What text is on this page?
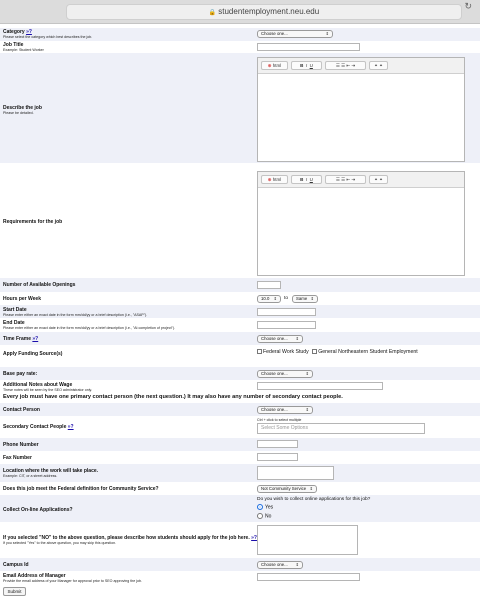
🔒 studentemployment.neu.edu
↻
Category »?
Please select the category which best describes the job.
Choose one...	⇕
Job Title
Example: Student Worker
Describe the job
Please be detailed.
⊕ html	B I U	☰ ☰ ⇤ ⇥	⚭ ⚭
Requirements for the job
⊕ html	B I U	☰ ☰ ⇤ ⇥	⚭ ⚭
Number of Available Openings
Hours per Week	10.0 ⇕ to	Same ⇕
Start Date
Please enter either an exact date in the form mm/dd/yy or a brief description (i.e., "ASAP").
End Date
Please enter either an exact date in the form mm/dd/yy or a brief description (i.e., "At completion of project").
Time Frame »?	Choose one... ⇕
Apply Funding Source(s)	Federal Work Study General Northeastern Student Employment
Base pay rate:	Choose one...	⇕
Additional Notes about Wage
These notes will be seen by the SEO administrator only.
Every job must have one primary contact person (the next question.) It may also have any number of secondary contact people.
Contact Person	Choose one...	⇕
Secondary Contact People »?
Ctrl + click to select multiple
Select Some Options
Phone Number
Fax Number
Location where the work will take place.
Example: CIT, or a street address.
Does this job meet the Federal definition for Community Service?	Not Community Service ⇕
Collect On-line Applications?
Do you wish to collect online applications for this job?
Yes
No
If you selected "NO" to the above question, please describe how students should apply for the job here. »?
If you selected "Yes" to the above question, you may skip this question.
Campus Id	Choose one... ⇕
Email Address of Manager
Provide the email address of your Manager for approval prior to SEO approving the job.
Submit
